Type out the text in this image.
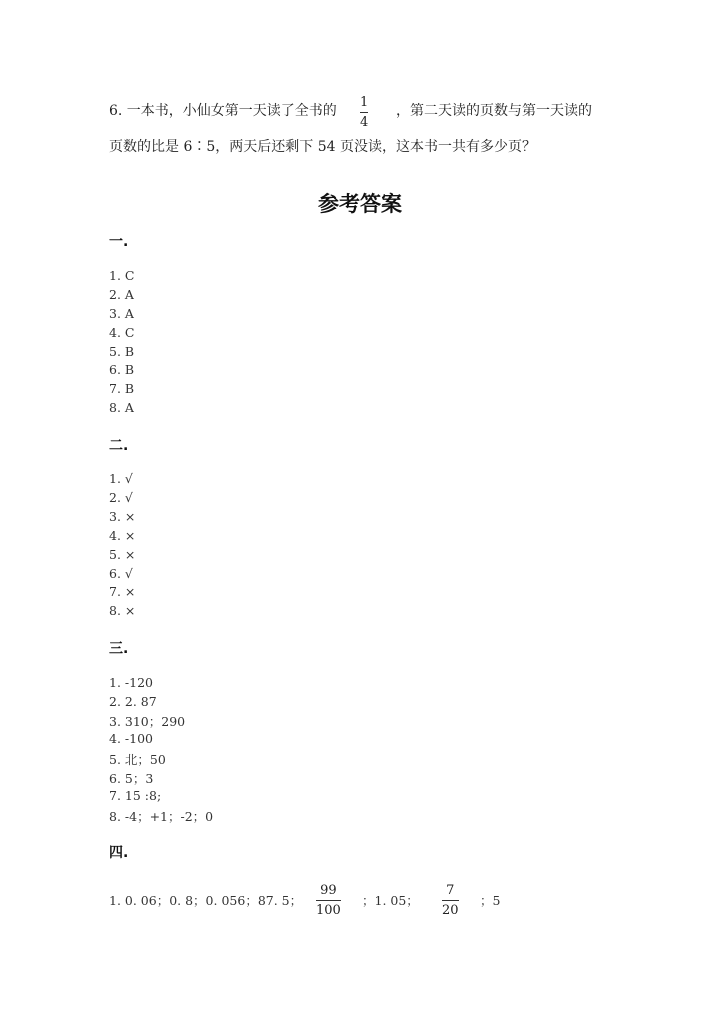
6. 一本书，小仙女第一天读了全书的
1
4
，第二天读的页数与第一天读的
页数的比是 6∶5，两天后还剩下 54 页没读，这本书一共有多少页？
参考答案
一.
1. C
2. A
3. A
4. C
5. B
6. B
7. B
8. A
二.
1. √
2. √
3. ×
4. ×
5. ×
6. √
7. ×
8. ×
三.
1. -120
2. 2. 87
3. 310；290
4. -100
5. 北；50
6. 5；3
7. 15 :8;
8. -4；+1；-2；0
四.
1. 0. 06；0. 8；0. 056；87. 5；
99
100
；1. 05；
7
20
；5
